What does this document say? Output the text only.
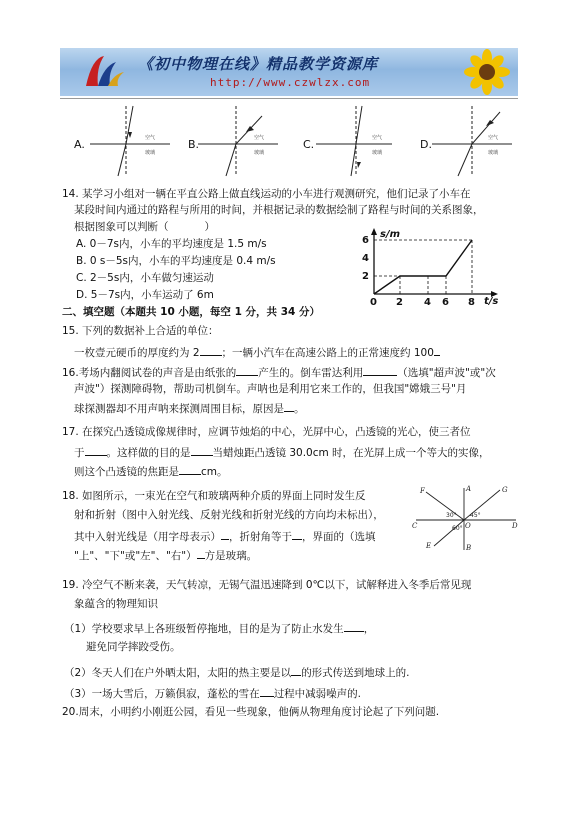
《初中物理在线》精品教学资源库
http://www.czwlzx.com
空气
玻璃
空气
玻璃
空气
玻璃
空气
玻璃
A.	B.	C.	D.
14. 某学习小组对一辆在平直公路上做直线运动的小车进行观测研究，他们记录了小车在
某段时间内通过的路程与所用的时间，并根据记录的数据绘制了路程与时间的关系图象，
根据图象可以判断（	）
A. 0－7s内，小车的平均速度是 1.5 m/s
B. 0 s－5s内，小车的平均速度是 0.4 m/s
C. 2－5s内，小车做匀速运动
D. 5－7s内，小车运动了 6m
s/m
t/s
6
4
2
0 2 4 6 8
二、填空题（本题共 10 小题，每空 1 分，共 34 分）
15. 下列的数据补上合适的单位：
一枚壹元硬币的厚度约为 2 ；一辆小汽车在高速公路上的正常速度约 100
16.考场内翻阅试卷的声音是由纸张的 产生的。倒车雷达利用	（选填"超声波"或"次
声波"）探测障碍物，帮助司机倒车。声呐也是利用它来工作的，但我国"嫦娥三号"月
球探测器却不用声呐来探测周围目标，原因是 。
17. 在探究凸透镜成像规律时，应调节烛焰的中心，光屏中心，凸透镜的光心，使三者位
于 。这样做的目的是 当蜡烛距凸透镜 30.0cm 时，在光屏上成一个等大的实像，
则这个凸透镜的焦距是 cm。
18. 如图所示，一束光在空气和玻璃两种介质的界面上同时发生反
射和折射（图中入射光线、反射光线和折射光线的方向均未标出），
其中入射光线是（用字母表示） ，折射角等于 ，界面的（选填
"上"、"下"或"左"、"右"） 方是玻璃。
F	A	G
B
C	D
E
O
30° 45°
60°
19. 冷空气不断来袭，天气转凉，无锡气温迅速降到 0℃以下，试解释进入冬季后常见现
象蕴含的物理知识
（1）学校要求早上各班级暂停拖地，目的是为了防止水发生 ，
避免同学摔跤受伤。
（2）冬天人们在户外晒太阳，太阳的热主要是以 的形式传送到地球上的.
（3）一场大雪后，万籁俱寂，蓬松的雪在 过程中减弱噪声的.
20.周末，小明约小刚逛公园，看见一些现象，他俩从物理角度讨论起了下列问题.
